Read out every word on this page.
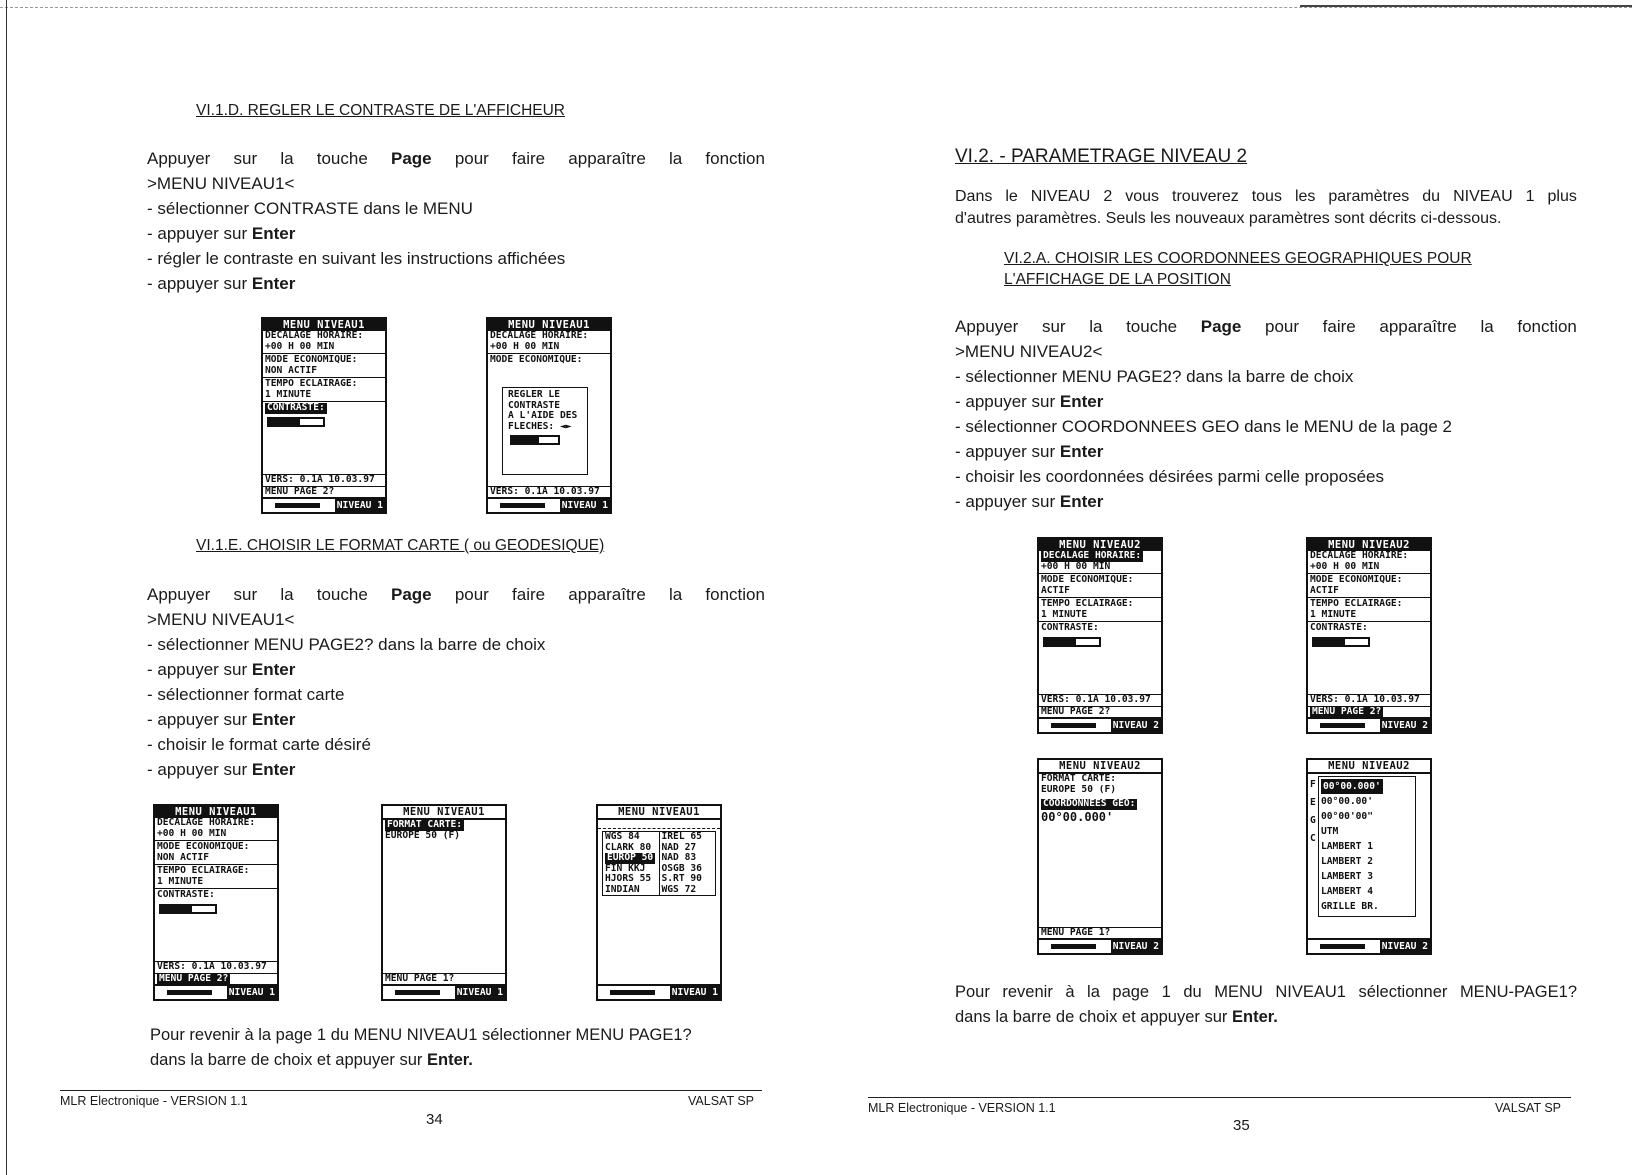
VI.1.D. REGLER LE CONTRASTE DE L'AFFICHEUR
Appuyer sur la touche Page pour faire apparaître la fonction
>MENU NIVEAU1<
- sélectionner CONTRASTE dans le MENU
- appuyer sur Enter
- régler le contraste en suivant les instructions affichées
- appuyer sur Enter
MENU NIVEAU1
DECALAGE HORAIRE:
+00 H 00 MIN
MODE ECONOMIQUE:
NON ACTIF
TEMPO ECLAIRAGE:
1 MINUTE
CONTRASTE:
VERS: 0.1A 10.03.97
MENU PAGE 2?
NIVEAU 1
MENU NIVEAU1
DECALAGE HORAIRE:
+00 H 00 MIN
MODE ECONOMIQUE:
VERS: 0.1A 10.03.97
NIVEAU 1
REGLER LE
CONTRASTE
A L'AIDE DES
FLECHES: ◄►
VI.1.E. CHOISIR LE FORMAT CARTE ( ou GEODESIQUE)
Appuyer sur la touche Page pour faire apparaître la fonction
>MENU NIVEAU1<
- sélectionner MENU PAGE2? dans la barre de choix
- appuyer sur Enter
- sélectionner format carte
- appuyer sur Enter
- choisir le format carte désiré
- appuyer sur Enter
MENU NIVEAU1
DECALAGE HORAIRE:
+00 H 00 MIN
MODE ECONOMIQUE:
NON ACTIF
TEMPO ECLAIRAGE:
1 MINUTE
CONTRASTE:
VERS: 0.1A 10.03.97
MENU PAGE 2?
NIVEAU 1
MENU NIVEAU1
FORMAT CARTE:
EUROPE 50 (F)
MENU PAGE 1?
NIVEAU 1
MENU NIVEAU1
WGS 84	IREL 65
CLARK 80	NAD 27
EUROP 50 NAD 83
FIN KKJ	OSGB 36
HJORS 55	S.RT 90
INDIAN	WGS 72
NIVEAU 1
Pour revenir à la page 1 du MENU NIVEAU1 sélectionner MENU PAGE1?
dans la barre de choix et appuyer sur Enter.
MLR Electronique - VERSION 1.1	VALSAT SP
34
VI.2. - PARAMETRAGE NIVEAU 2
Dans le NIVEAU 2 vous trouverez tous les paramètres du NIVEAU 1 plus
d'autres paramètres. Seuls les nouveaux paramètres sont décrits ci-dessous.
VI.2.A. CHOISIR LES COORDONNEES GEOGRAPHIQUES POUR
L'AFFICHAGE DE LA POSITION
Appuyer sur la touche Page pour faire apparaître la fonction
>MENU NIVEAU2<
- sélectionner MENU PAGE2? dans la barre de choix
- appuyer sur Enter
- sélectionner COORDONNEES GEO dans le MENU de la page 2
- appuyer sur Enter
- choisir les coordonnées désirées parmi celle proposées
- appuyer sur Enter
MENU NIVEAU2
DECALAGE HORAIRE:
+00 H 00 MIN
MODE ECONOMIQUE:
ACTIF
TEMPO ECLAIRAGE:
1 MINUTE
CONTRASTE:
VERS: 0.1A 10.03.97
MENU PAGE 2?
NIVEAU 2
MENU NIVEAU2
DECALAGE HORAIRE:
+00 H 00 MIN
MODE ECONOMIQUE:
ACTIF
TEMPO ECLAIRAGE:
1 MINUTE
CONTRASTE:
VERS: 0.1A 10.03.97
MENU PAGE 2?
NIVEAU 2
MENU NIVEAU2
FORMAT CARTE:
EUROPE 50 (F)
COORDONNEES GEO:
00°00.000'
MENU PAGE 1?
NIVEAU 2
MENU NIVEAU2
F
E
G
C
00°00.000'
00°00.00'
00°00'00"
UTM
LAMBERT 1
LAMBERT 2
LAMBERT 3
LAMBERT 4
GRILLE BR.
NIVEAU 2
Pour revenir à la page 1 du MENU NIVEAU1 sélectionner MENU-PAGE1?
dans la barre de choix et appuyer sur Enter.
MLR Electronique - VERSION 1.1	VALSAT SP
35
